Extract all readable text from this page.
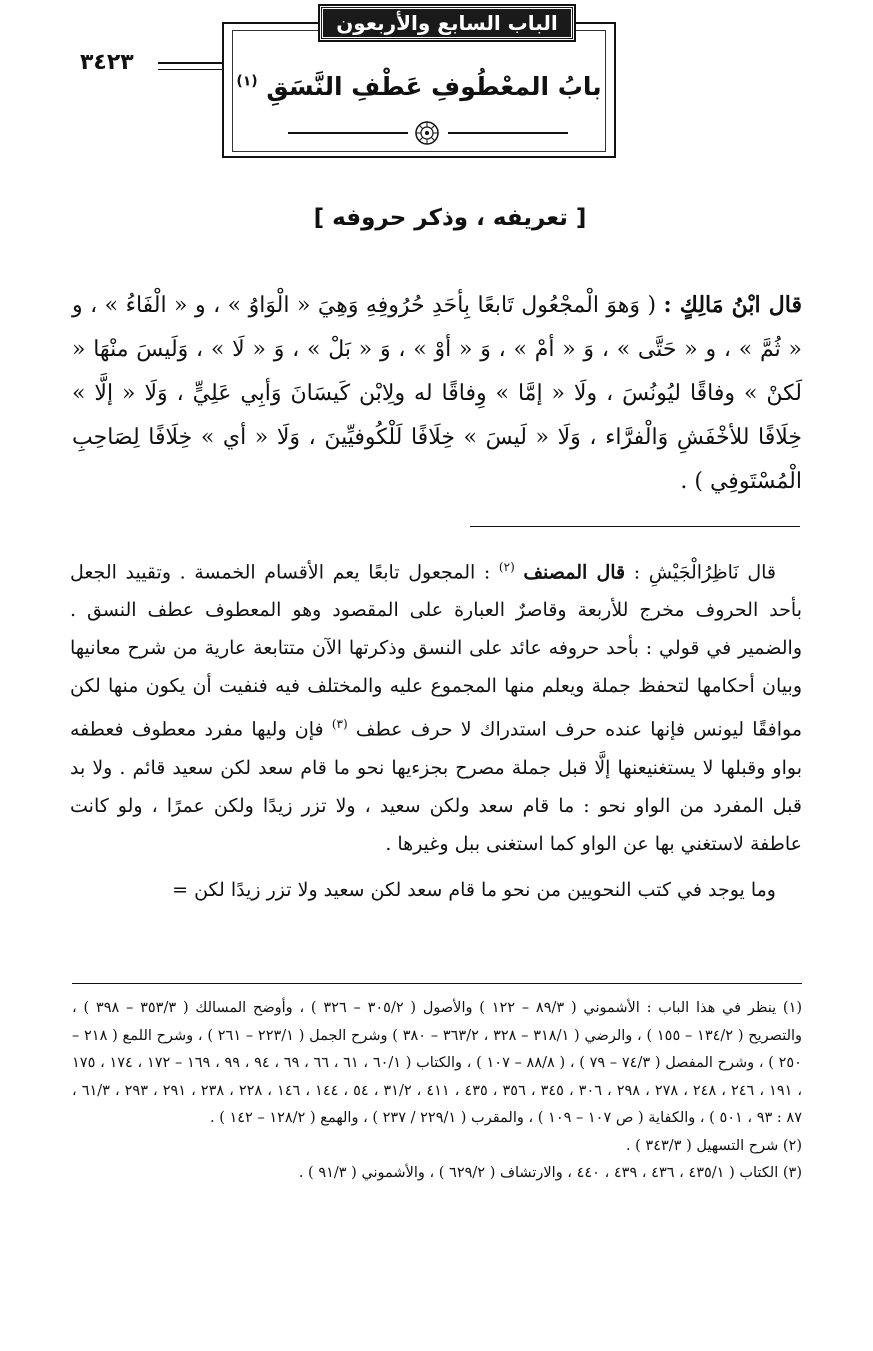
الباب السابع والأربعون
٣٤٢٣
بابُ المعْطُوفِ عَطْفِ النَّسَقِ $^{(١)}$
[ تعريفه ، وذكر حروفه ]

قال ابْنُ مَالِكٍ : ( وَهوَ الْمجْعُول تَابعًا بِأحَدِ حُرُوفِهِ وَهِيَ « الْوَاوُ » ، و « الْفَاءُ » ، و « ثُمَّ » ، و « حَتَّى » ، وَ « أمْ » ، وَ « أوْ » ، وَ « بَلْ » ، وَ « لَا » ، وَلَيسَ منْهَا « لَكنْ » وفاقًا ليُونُسَ ، ولَا « إمَّا » وِفاقًا له ولِابْن كَيسَانَ وَأبِي عَلِيٍّ ، وَلَا « إلَّا » خِلَافًا للأخْفَشِ وَالْفرَّاء ، وَلَا « لَيسَ » خِلَافًا لَلْكُوفيِّينَ ، وَلَا « أي » خِلَافًا لِصَاحِبِ الْمُسْتَوفِي ) .

قال نَاظِرُالْجَيْشِ : قال المصنف $^{(٢)}$ : المجعول تابعًا يعم الأقسام الخمسة . وتقييد الجعل بأحد الحروف مخرج للأربعة وقاصرٌ العبارة على المقصود وهو المعطوف عطف النسق . والضمير في قولي : بأحد حروفه عائد على النسق وذكرتها الآن متتابعة عارية من شرح معانيها وبيان أحكامها لتحفظ جملة ويعلم منها المجموع عليه والمختلف فيه فنفيت أن يكون منها لكن موافقًا ليونس فإنها عنده حرف استدراك لا حرف عطف $^{(٣)}$ فإن وليها مفرد معطوف فعطفه بواو وقبلها لا يستغنيعنها إلَّا قبل جملة مصرح بجزءيها نحو ما قام سعد لكن سعيد قائم . ولا بد قبل المفرد من الواو نحو : ما قام سعد ولكن سعيد ، ولا تزر زيدًا ولكن عمرًا ، ولو كانت عاطفة لاستغني بها عن الواو كما استغنى ببل وغيرها .

وما يوجد في كتب النحويين من نحو ما قام سعد لكن سعيد ولا تزر زيدًا لكن =

(١) ينظر في هذا الباب : الأشموني ( ٨٩/٣ – ١٢٢ ) والأصول ( ٣٠٥/٢ – ٣٢٦ ) ، وأوضح المسالك ( ٣٥٣/٣ – ٣٩٨ ) ، والتصريح ( ١٣٤/٢ – ١٥٥ ) ، والرضي ( ٣١٨/١ – ٣٢٨ ، ٣٦٣/٢ – ٣٨٠ ) وشرح الجمل ( ٢٢٣/١ – ٢٦١ ) ، وشرح اللمع ( ٢١٨ – ٢٥٠ ) ، وشرح المفصل ( ٧٤/٣ – ٧٩ ) ، ( ٨٨/٨ – ١٠٧ ) ، والكتاب ( ٦٠/١ ، ٦١ ، ٦٦ ، ٦٩ ، ٩٤ ، ٩٩ ، ١٦٩ – ١٧٢ ، ١٧٤ ، ١٧٥ ، ١٩١ ، ٢٤٦ ، ٢٤٨ ، ٢٧٨ ، ٢٩٨ ، ٣٠٦ ، ٣٤٥ ، ٣٥٦ ، ٤٣٥ ، ٤١١ ، ٣١/٢ ، ٥٤ ، ١٤٤ ، ١٤٦ ، ٢٢٨ ، ٢٣٨ ، ٢٩١ ، ٢٩٣ ، ٦١/٣ ، ٨٧ : ٩٣ ، ٥٠١ ) ، والكفاية ( ص ١٠٧ – ١٠٩ ) ، والمقرب ( ٢٢٩/١ / ٢٣٧ ) ، والهمع ( ١٢٨/٢ – ١٤٢ ) .

(٢) شرح التسهيل ( ٣٤٣/٣ ) .

(٣) الكتاب ( ٤٣٥/١ ، ٤٣٦ ، ٤٣٩ ، ٤٤٠ ، والارتشاف ( ٦٢٩/٢ ) ، والأشموني ( ٩١/٣ ) .
